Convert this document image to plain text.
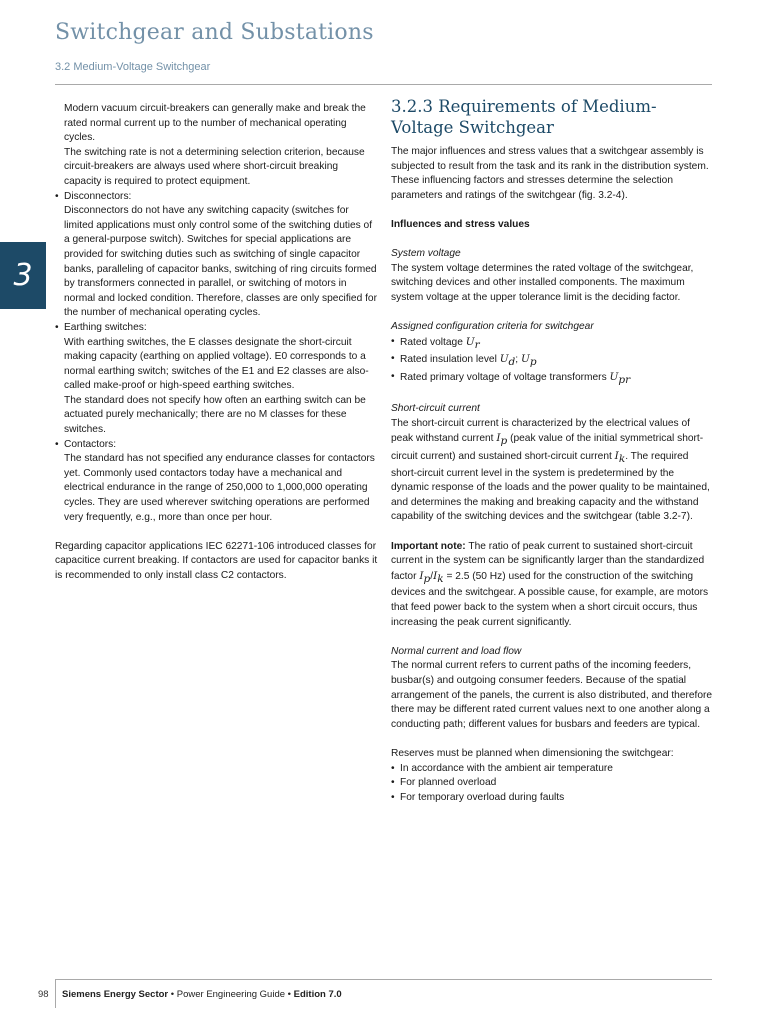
Switchgear and Substations
3.2 Medium-Voltage Switchgear
3

Modern vacuum circuit-breakers can generally make and break the rated normal current up to the number of mechanical operating cycles.

The switching rate is not a determining selection criterion, because circuit-breakers are always used where short-circuit breaking capacity is required to protect equipment.

• Disconnectors:

Disconnectors do not have any switching capacity (switches for limited applications must only control some of the switching duties of a general-purpose switch). Switches for special applications are provided for switching duties such as switching of single capacitor banks, paralleling of capacitor banks, switching of ring circuits formed by transformers connected in parallel, or switching of motors in normal and locked condition. Therefore, classes are only specified for the number of mechanical operating cycles.

• Earthing switches:

With earthing switches, the E classes designate the short-circuit making capacity (earthing on applied voltage). E0 corresponds to a normal earthing switch; switches of the E1 and E2 classes are also-called make-proof or high-speed earthing switches.

The standard does not specify how often an earthing switch can be actuated purely mechanically; there are no M classes for these switches.

• Contactors:

The standard has not specified any endurance classes for contactors yet. Commonly used contactors today have a mechanical and electrical endurance in the range of 250,000 to 1,000,000 operating cycles. They are used wherever switching operations are performed very frequently, e.g., more than once per hour.

Regarding capacitor applications IEC 62271-106 introduced classes for capacitice current breaking. If contactors are used for capacitor banks it is recommended to only install class C2 contactors.

3.2.3 Requirements of Medium-Voltage Switchgear

The major influences and stress values that a switchgear assembly is subjected to result from the task and its rank in the distribution system. These influencing factors and stresses determine the selection parameters and ratings of the switchgear (fig. 3.2-4).

Influences and stress values

System voltage

The system voltage determines the rated voltage of the switchgear, switching devices and other installed components. The maximum system voltage at the upper tolerance limit is the deciding factor.

Assigned configuration criteria for switchgear

• Rated voltage $U_r$

• Rated insulation level $U_d$; $U_p$

• Rated primary voltage of voltage transformers $U_{pr}$

Short-circuit current

The short-circuit current is characterized by the electrical values of peak withstand current $I_p$ (peak value of the initial symmetrical short-circuit current) and sustained short-circuit current $I_k$. The required short-circuit current level in the system is predetermined by the dynamic response of the loads and the power quality to be maintained, and determines the making and breaking capacity and the withstand capability of the switching devices and the switchgear (table 3.2-7).

Important note: The ratio of peak current to sustained short-circuit current in the system can be significantly larger than the standardized factor $I_p/I_k = 2.5$ (50 Hz) used for the construction of the switching devices and the switchgear. A possible cause, for example, are motors that feed power back to the system when a short circuit occurs, thus increasing the peak current significantly.

Normal current and load flow

The normal current refers to current paths of the incoming feeders, busbar(s) and outgoing consumer feeders. Because of the spatial arrangement of the panels, the current is also distributed, and therefore there may be different rated current values next to one another along a conducting path; different values for busbars and feeders are typical.

Reserves must be planned when dimensioning the switchgear:

• In accordance with the ambient air temperature

• For planned overload

• For temporary overload during faults

98 Siemens Energy Sector • Power Engineering Guide • Edition 7.0
